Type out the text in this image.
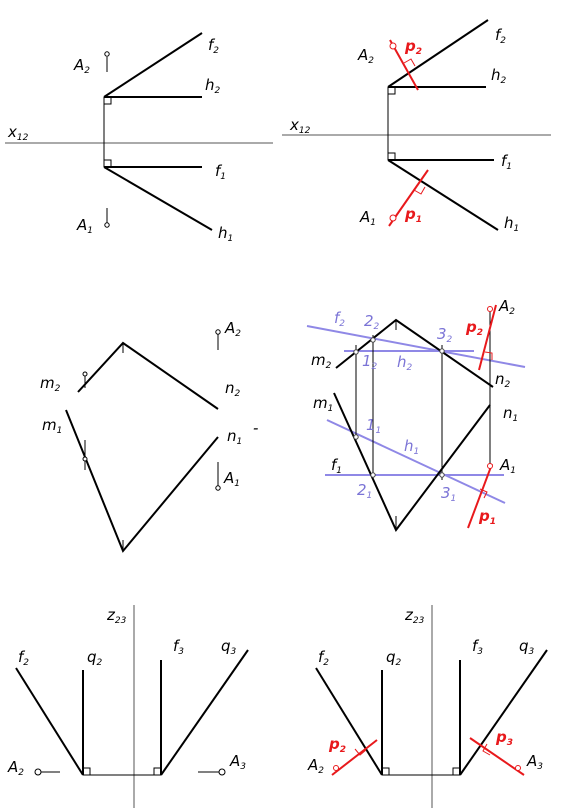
$f_2$
$h_2$
$A_2$
$x_{12}$
$f_1$
$A_1$	$h_1$
$f_2$
$h_2$
$A_2$
$p_2$
$x_{12}$
$f_1$
$A_1$ $p_1$	$h_1$
$A_2$
$m_2$	$n_2$
$m_1$	$n_1$
$A_1$
-
$f_2$ $2_2$	$3_2$
$A_2$
$p_2$
$m_2$ $1_2$ $h_2$
$n_2$
$m_1$	$n_1$
$1_1$
$h_1$
$f_1$	$A_1$
$2_1$	$3_1$
$p_1$
$z_{23}$
$f_2$	$q_2$
$f_3$ $q_3$
$A_2$
$A_3$
$z_{23}$
$f_2$	$q_2$
$f_3$ $q_3$
$p_2$
$p_3$
$A_2$
$A_3$
